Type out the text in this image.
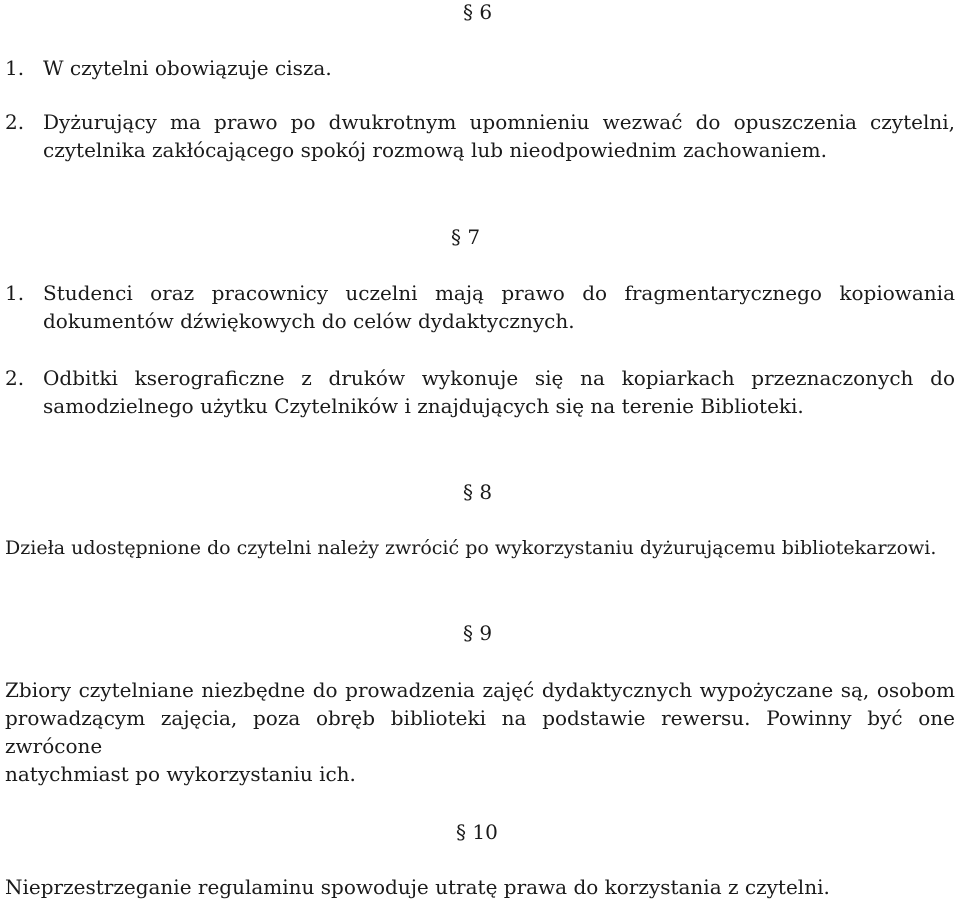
§ 6
1. W czytelni obowiązuje cisza.
2. Dyżurujący ma prawo po dwukrotnym upomnieniu wezwać do opuszczenia czytelni,
czytelnika zakłócającego spokój rozmową lub nieodpowiednim zachowaniem.
§ 7
1. Studenci oraz pracownicy uczelni mają prawo do fragmentarycznego kopiowania
dokumentów dźwiękowych do celów dydaktycznych.
2. Odbitki kserograficzne z druków wykonuje się na kopiarkach przeznaczonych do
samodzielnego użytku Czytelników i znajdujących się na terenie Biblioteki.
§ 8
Dzieła udostępnione do czytelni należy zwrócić po wykorzystaniu dyżurującemu bibliotekarzowi.
§ 9
Zbiory czytelniane niezbędne do prowadzenia zajęć dydaktycznych wypożyczane są, osobom
prowadzącym zajęcia, poza obręb biblioteki na podstawie rewersu. Powinny być one zwrócone
natychmiast po wykorzystaniu ich.
§ 10
Nieprzestrzeganie regulaminu spowoduje utratę prawa do korzystania z czytelni.
